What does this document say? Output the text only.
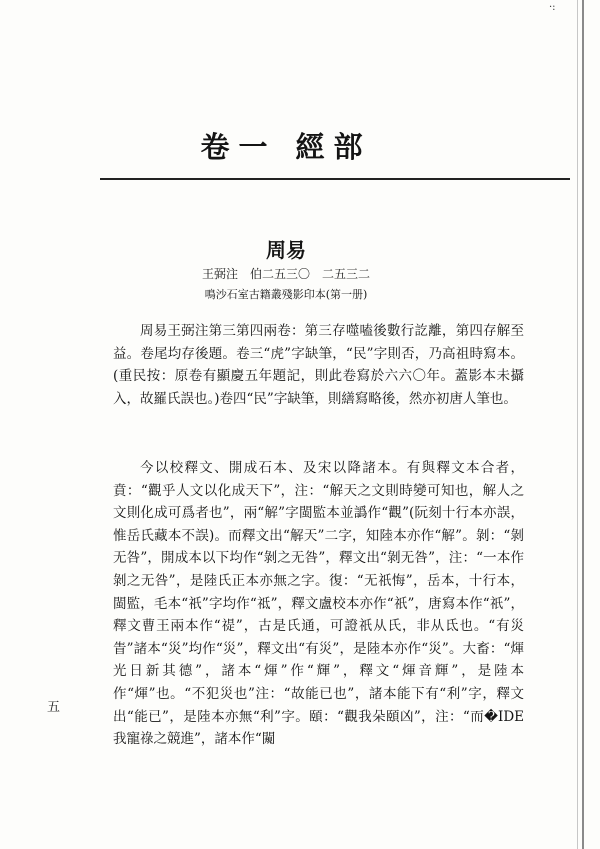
·:
卷一 經部
周易
王弼注　伯二五三〇　二五三二
鳴沙石室古籍叢殘影印本(第一册)
周易王弼注第三第四兩卷：第三存噬嗑後數行訖離，第四存解至益。卷尾均存後題。卷三“虎”字缺筆，“民”字則否，乃高祖時寫本。(重民按：原卷有顯慶五年題記，則此卷寫於六六〇年。蓋影本未攝入，故羅氏誤也。)卷四“民”字缺筆，則繕寫略後，然亦初唐人筆也。
今以校釋文、開成石本、及宋以降諸本。有與釋文本合者，賁：“觀乎人文以化成天下”，注：“解天之文則時變可知也，解人之文則化成可爲者也”，兩“解”字閩監本並譌作“觀”(阮刻十行本亦誤，惟岳氏藏本不誤)。而釋文出“解天”二字，知陸本亦作“解”。剝：“剝无咎”，開成本以下均作“剝之无咎”，釋文出“剝无咎”，注：“一本作剝之无咎”，是陸氏正本亦無之字。復：“无祇悔”，岳本，十行本，閩監，毛本“祇”字均作“祗”，釋文盧校本亦作“祇”，唐寫本作“祇”，釋文曹王兩本作“禔”，古是氏通，可證祇从氏，非从氐也。“有災眚”諸本“災”均作“災”，釋文出“有災”，是陸本亦作“災”。大畜：“煇光日新其德”，諸本“煇”作“輝”，釋文“煇音輝”，是陸本作“煇”也。“不犯災也”注：“故能已也”，諸本能下有“利”字，釋文出“能已”，是陸本亦無“利”字。頤：“觀我朵頤凶”，注：“而�IDE我寵祿之競進”，諸本作“闚
五
